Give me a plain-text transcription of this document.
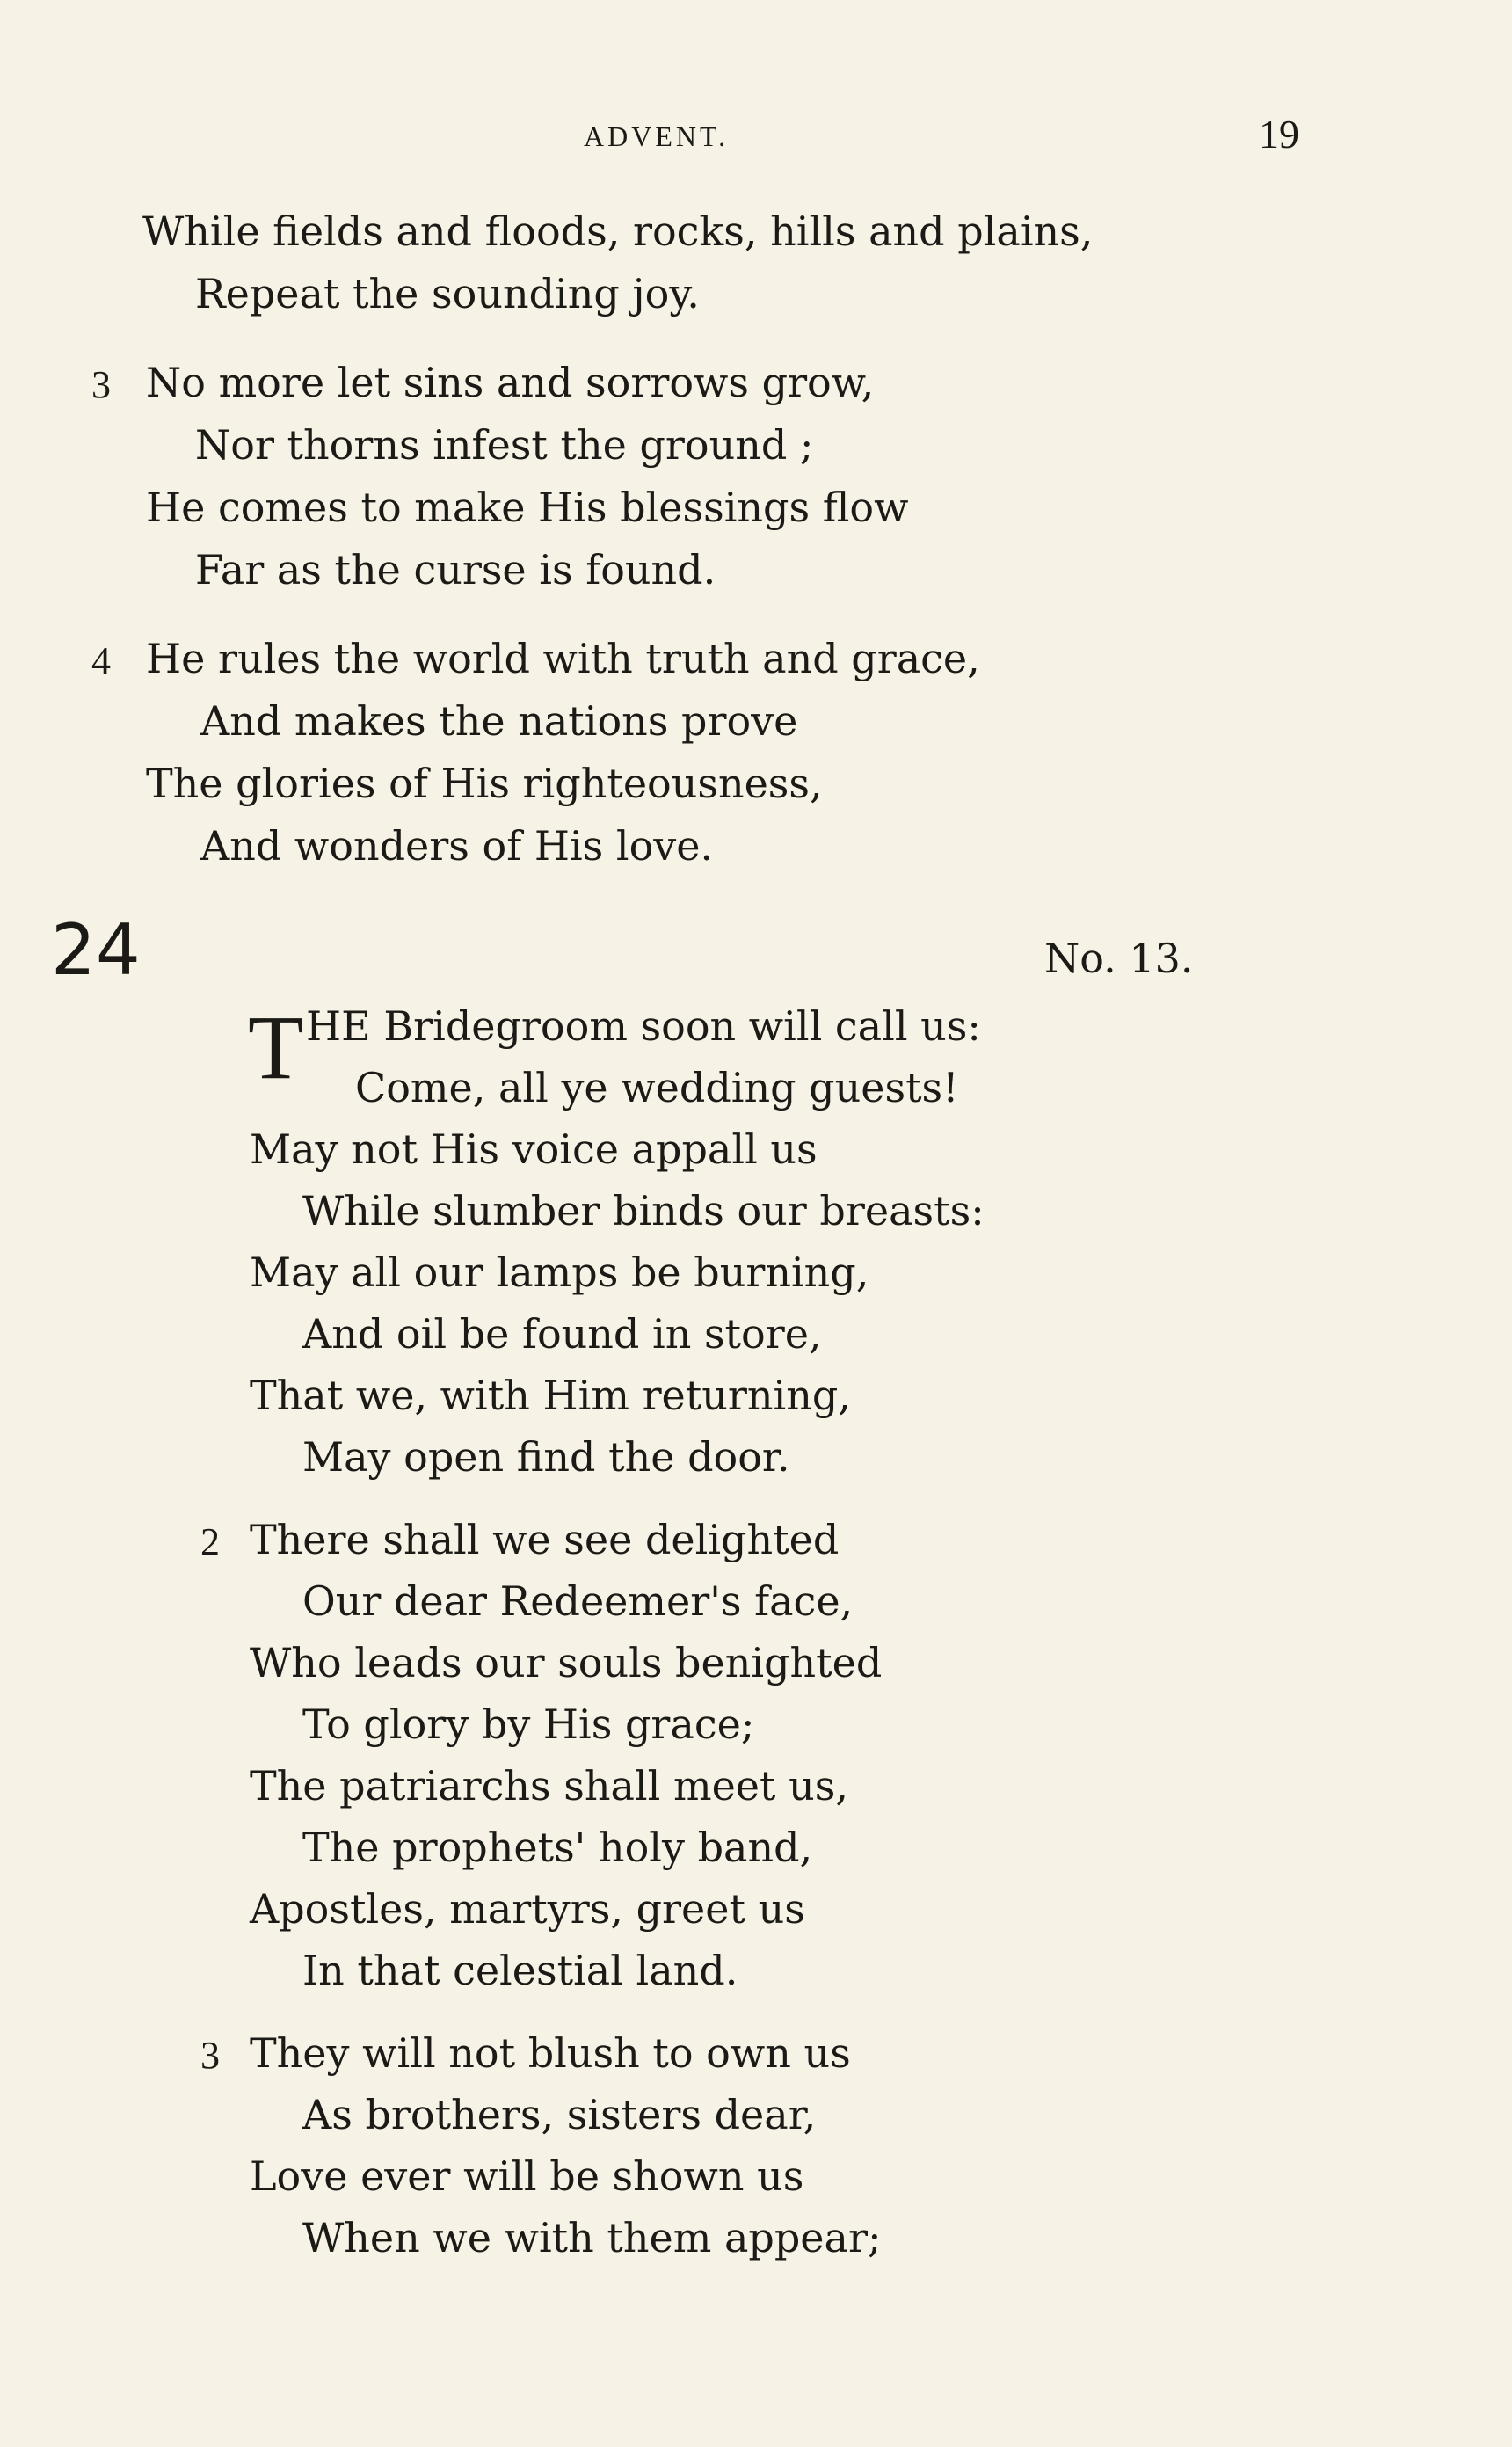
ADVENT.	19
While fields and floods, rocks, hills and plains,
Repeat the sounding joy.
3 No more let sins and sorrows grow,
Nor thorns infest the ground ;
He comes to make His blessings flow
Far as the curse is found.
4 He rules the world with truth and grace,
And makes the nations prove
The glories of His righteousness,
And wonders of His love.
24	No. 13.
T HE Bridegroom soon will call us:
Come, all ye wedding guests!
May not His voice appall us
While slumber binds our breasts:
May all our lamps be burning,
And oil be found in store,
That we, with Him returning,
May open find the door.
2 There shall we see delighted
Our dear Redeemer's face,
Who leads our souls benighted
To glory by His grace;
The patriarchs shall meet us,
The prophets' holy band,
Apostles, martyrs, greet us
In that celestial land.
3 They will not blush to own us
As brothers, sisters dear,
Love ever will be shown us
When we with them appear;
